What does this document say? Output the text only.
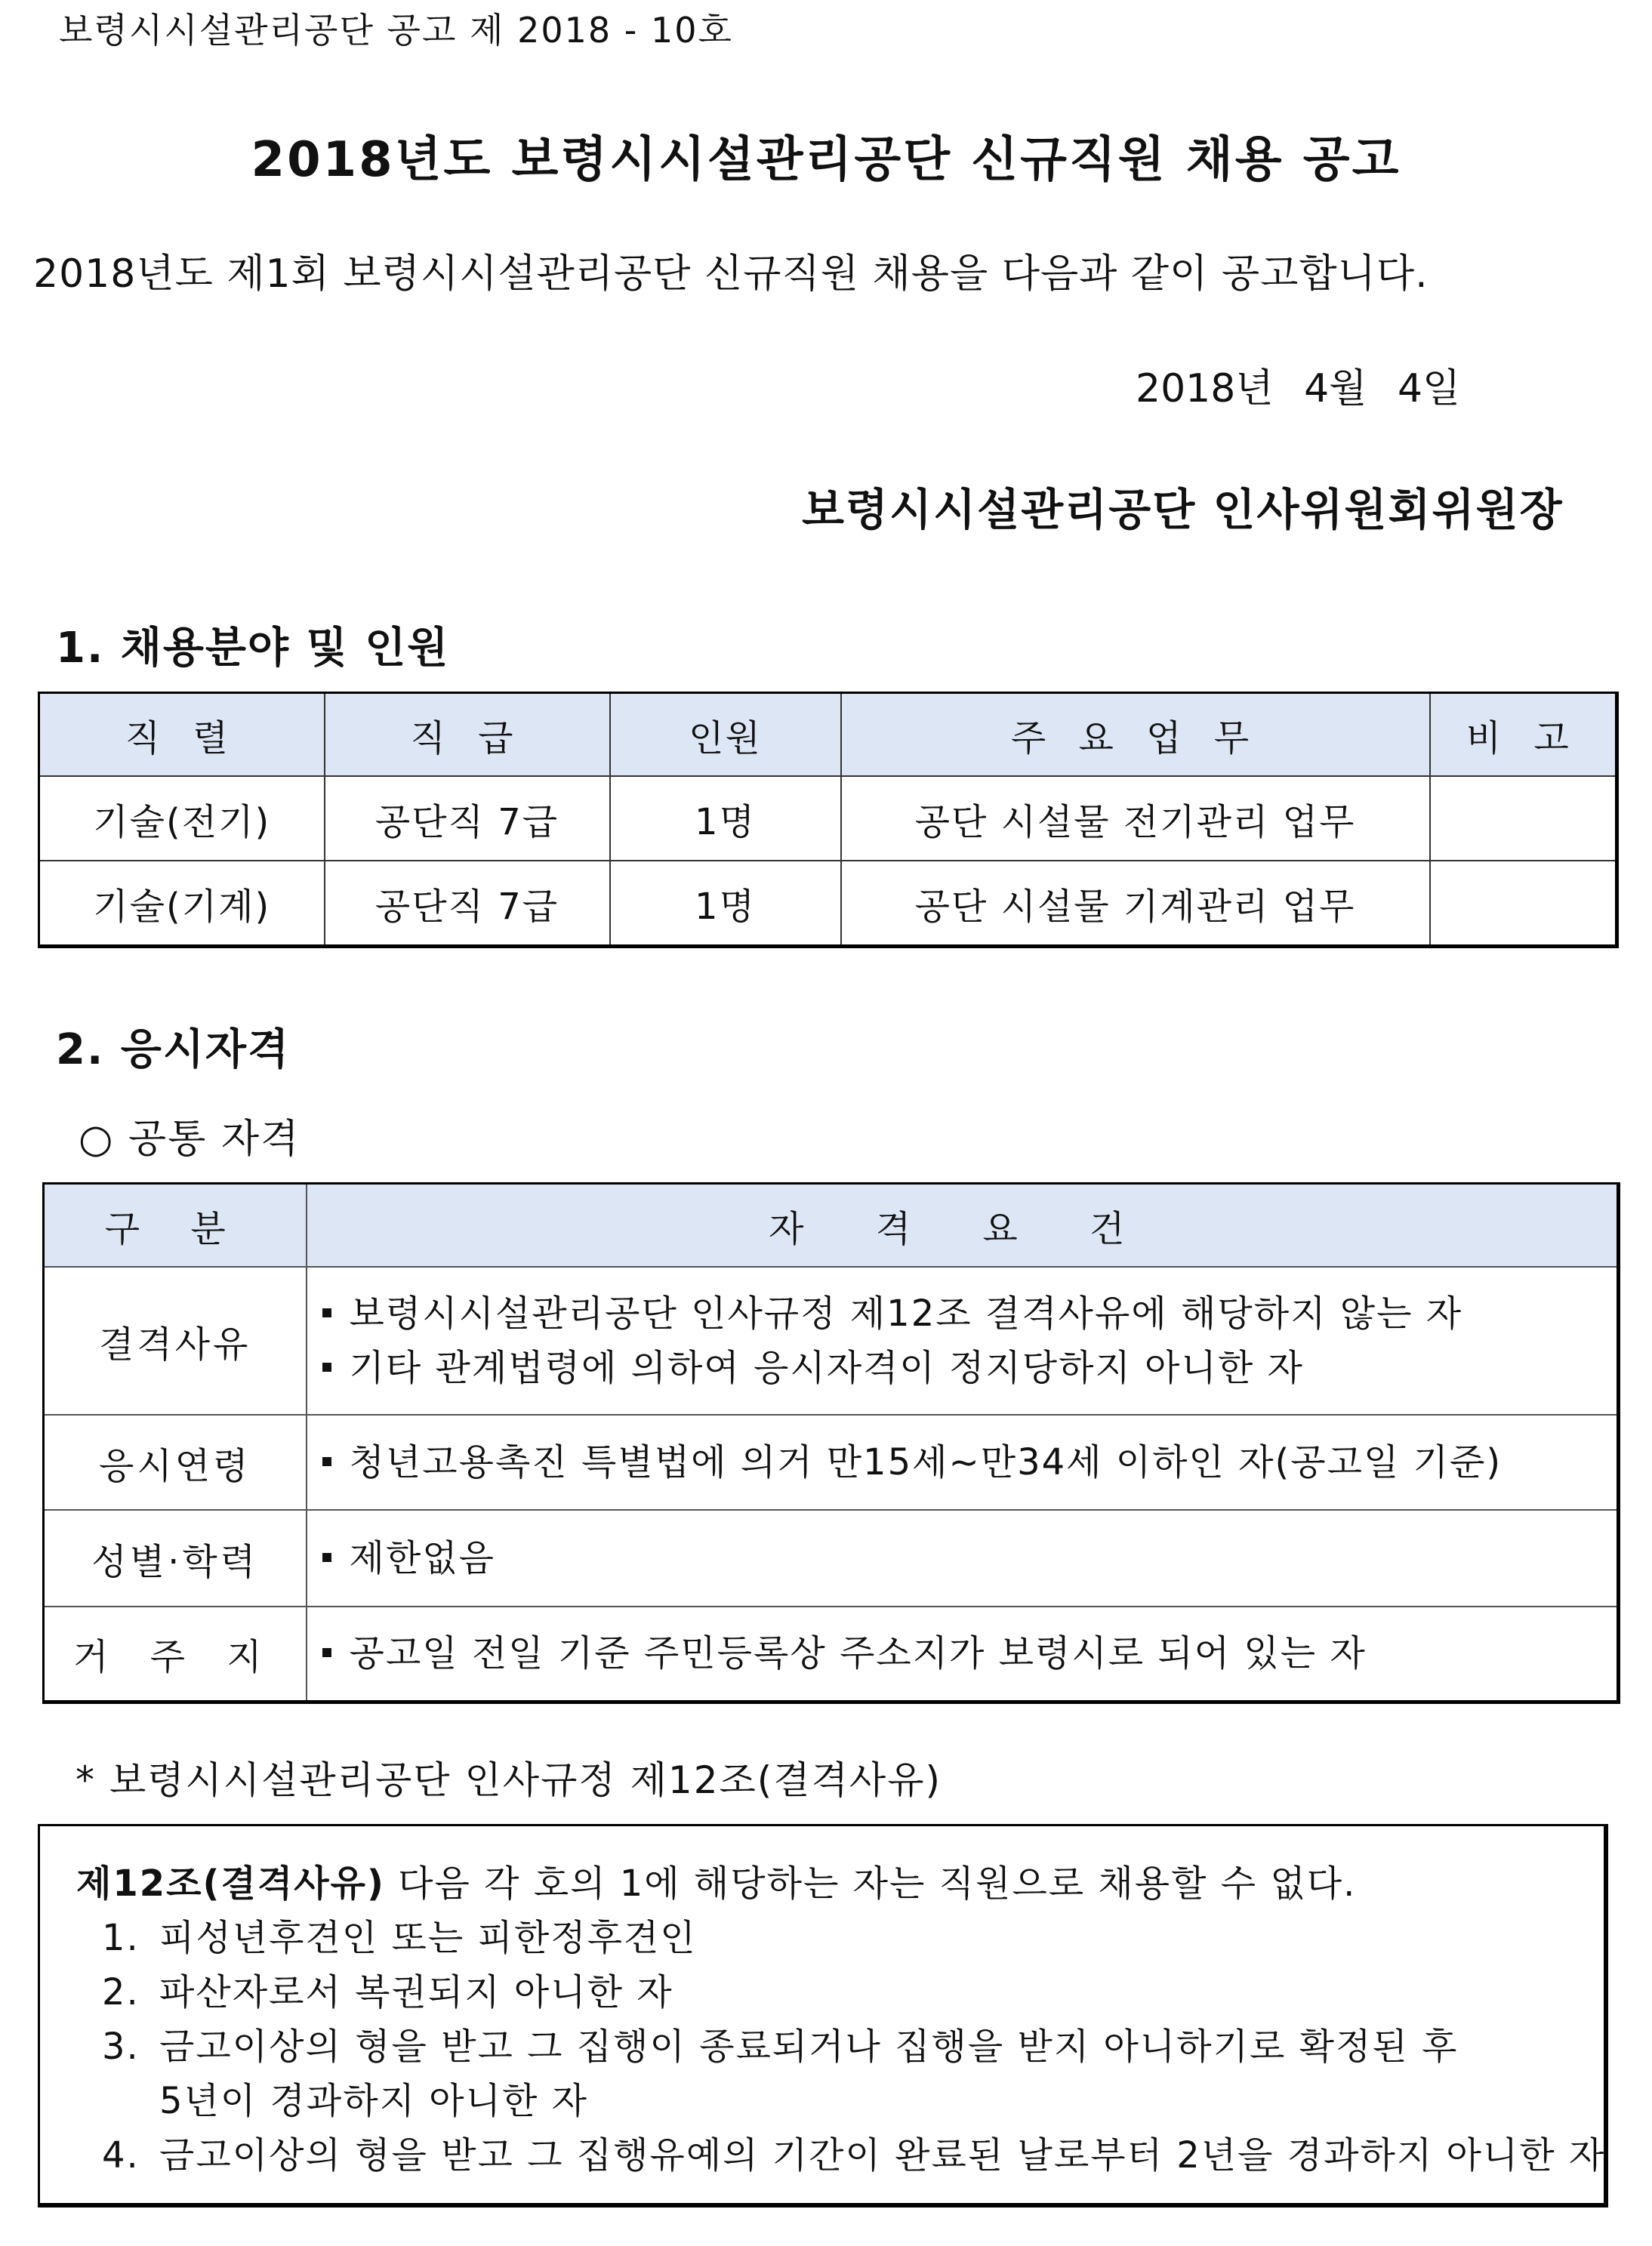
보령시시설관리공단 공고 제 2018 - 10호
2018년도 보령시시설관리공단 신규직원 채용 공고
2018년도 제1회 보령시시설관리공단 신규직원 채용을 다음과 같이 공고합니다.
2018년 4월 4일
보령시시설관리공단 인사위원회위원장
1. 채용분야 및 인원
직 렬	직 급	인원	주 요 업 무	비 고
기술(전기)	공단직 7급	1명	공단 시설물 전기관리 업무	
기술(기계)	공단직 7급	1명	공단 시설물 기계관리 업무	
2. 응시자격
○ 공통 자격
구 분	자 격 요 건
결격사유	보령시시설관리공단 인사규정 제12조 결격사유에 해당하지 않는 자
기타 관계법령에 의하여 응시자격이 정지당하지 아니한 자

응시연령	청년고용촉진 특별법에 의거 만15세~만34세 이하인 자(공고일 기준)

성별·학력	제한없음

거 주 지	공고일 전일 기준 주민등록상 주소지가 보령시로 되어 있는 자
* 보령시시설관리공단 인사규정 제12조(결격사유)
제12조(결격사유) 다음 각 호의 1에 해당하는 자는 직원으로 채용할 수 없다.
1. 피성년후견인 또는 피한정후견인
2. 파산자로서 복권되지 아니한 자
3. 금고이상의 형을 받고 그 집행이 종료되거나 집행을 받지 아니하기로 확정된 후
5년이 경과하지 아니한 자
4. 금고이상의 형을 받고 그 집행유예의 기간이 완료된 날로부터 2년을 경과하지 아니한 자
